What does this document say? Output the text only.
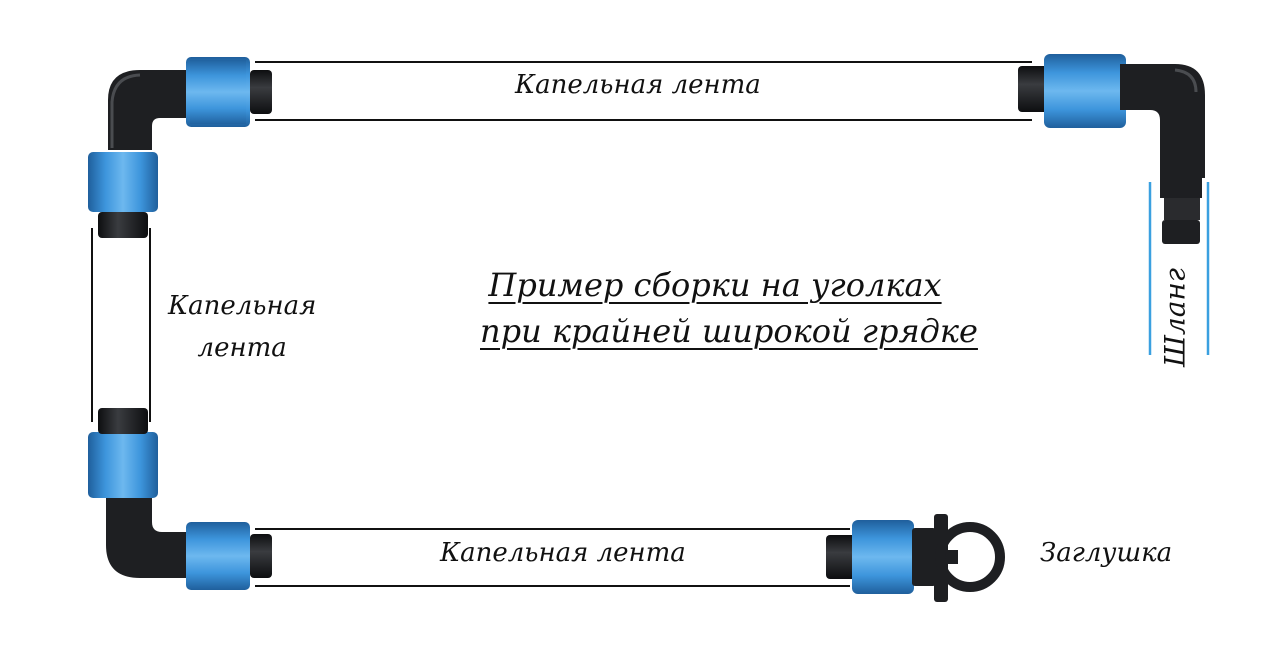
Капельная лента
Капельная
лента
Капельная лента	Заглушка
Шланг
Пример сборки на уголках
при крайней широкой грядке
